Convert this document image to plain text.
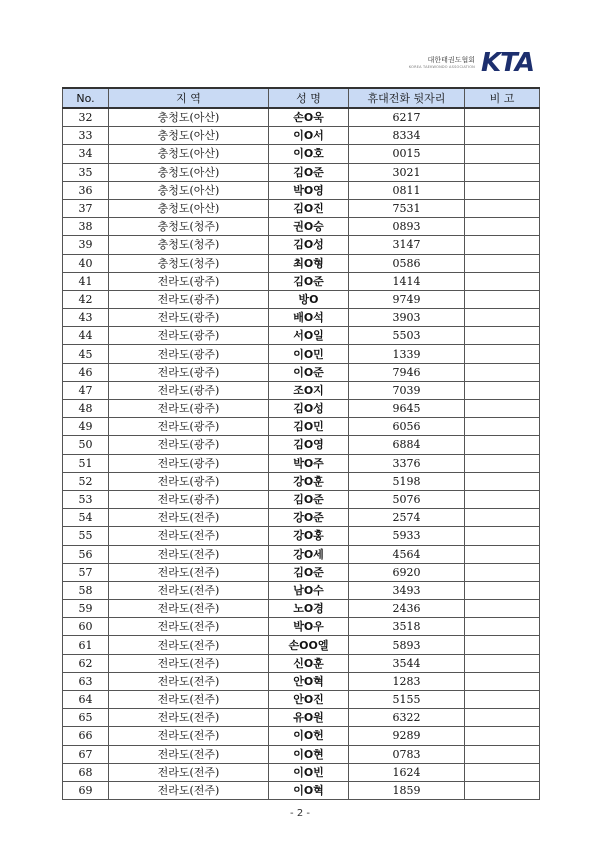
대한태권도협회
KOREA TAEKWONDO ASSOCIATION KTA
No.	지 역	성 명	휴대전화 뒷자리	비 고
32	충청도(아산)	손O욱	6217	
33	충청도(아산)	이O서	8334	
34	충청도(아산)	이O호	0015	
35	충청도(아산)	김O준	3021	
36	충청도(아산)	박O영	0811	
37	충청도(아산)	김O진	7531	
38	충청도(청주)	권O승	0893	
39	충청도(청주)	김O성	3147	
40	충청도(청주)	최O형	0586	
41	전라도(광주)	김O준	1414	
42	전라도(광주)	방O	9749	
43	전라도(광주)	배O석	3903	
44	전라도(광주)	서O일	5503	
45	전라도(광주)	이O민	1339	
46	전라도(광주)	이O준	7946	
47	전라도(광주)	조O지	7039	
48	전라도(광주)	김O성	9645	
49	전라도(광주)	김O민	6056	
50	전라도(광주)	김O영	6884	
51	전라도(광주)	박O주	3376	
52	전라도(광주)	강O훈	5198	
53	전라도(광주)	김O준	5076	
54	전라도(전주)	강O준	2574	
55	전라도(전주)	강O홍	5933	
56	전라도(전주)	강O세	4564	
57	전라도(전주)	김O준	6920	
58	전라도(전주)	남O수	3493	
59	전라도(전주)	노O경	2436	
60	전라도(전주)	박O우	3518	
61	전라도(전주)	손OO엘	5893	
62	전라도(전주)	신O훈	3544	
63	전라도(전주)	안O혁	1283	
64	전라도(전주)	안O진	5155	
65	전라도(전주)	유O원	6322	
66	전라도(전주)	이O헌	9289	
67	전라도(전주)	이O현	0783	
68	전라도(전주)	이O빈	1624	
69	전라도(전주)	이O혁	1859	
- 2 -
